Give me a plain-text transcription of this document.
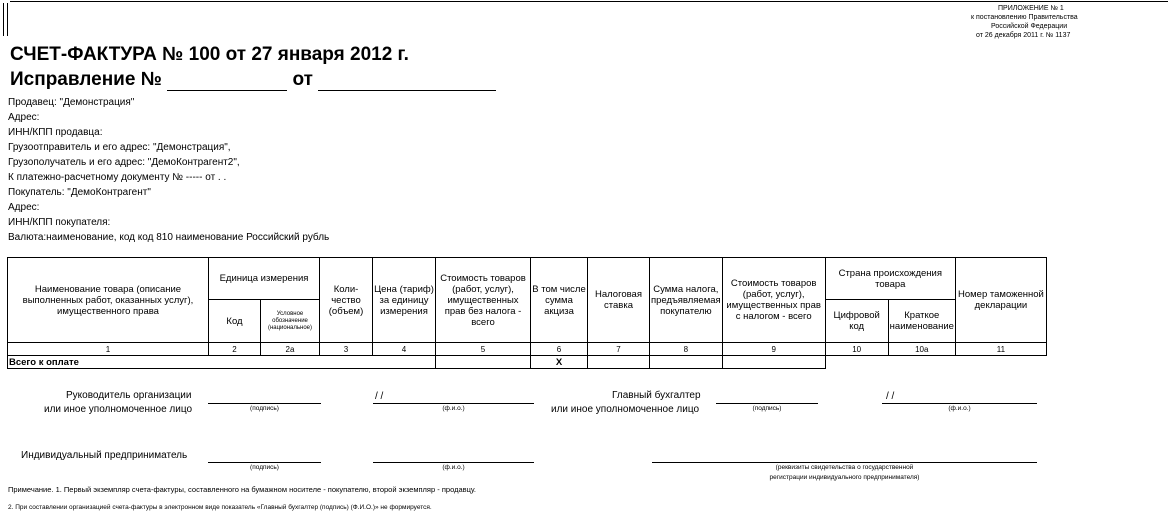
ПРИЛОЖЕНИЕ № 1
к постановлению Правительства
Российской Федерации
от 26 декабря 2011 г. № 1137
СЧЕТ-ФАКТУРА № 100 от 27 января 2012 г.
Исправление №	от
Продавец: "Демонстрация"
Адрес:
ИНН/КПП продавца:
Грузоотправитель и его адрес: "Демонстрация",
Грузополучатель и его адрес: "ДемоКонтрагент2",
К платежно-расчетному документу № ----- от . .
Покупатель: "ДемоКонтрагент"
Адрес:
ИНН/КПП покупателя:
Валюта:наименование, код код 810 наименование Российский рубль
Наименование товара (описание выполненных работ, оказанных услуг), имущественного права	Единица измерения		Коли-чество (объем)	Цена (тариф) за единицу измерения	Стоимость товаров (работ, услуг), имущественных прав без налога - всего	В том числе сумма акциза	Налоговая ставка	Сумма налога, предъявляемая покупателю	Стоимость товаров (работ, услуг), имущественных прав с налогом - всего	Страна происхождения товара		Номер таможенной декларации
	Код	Условное обозначение (национальное)								Цифровой код	Краткое наименование	
1	2	2а	3	4	5	6	7	8	9	10	10а	11
Всего к оплате						X						
Руководитель организации
или иное уполномоченное лицо	(подпись)
/ /
(ф.и.о.)
Главный бухгалтер
или иное уполномоченное лицо	(подпись)
/ /
(ф.и.о.)
Индивидуальный предприниматель
(подпись)	(ф.и.о.)	(реквизиты свидетельства о государственной
регистрации индивидуального предпринимателя)
Примечание. 1. Первый экземпляр счета-фактуры, составленного на бумажном носителе - покупателю, второй экземпляр - продавцу.
2. При составлении организацией счета-фактуры в электронном виде показатель «Главный бухгалтер (подпись) (Ф.И.О.)» не формируется.
